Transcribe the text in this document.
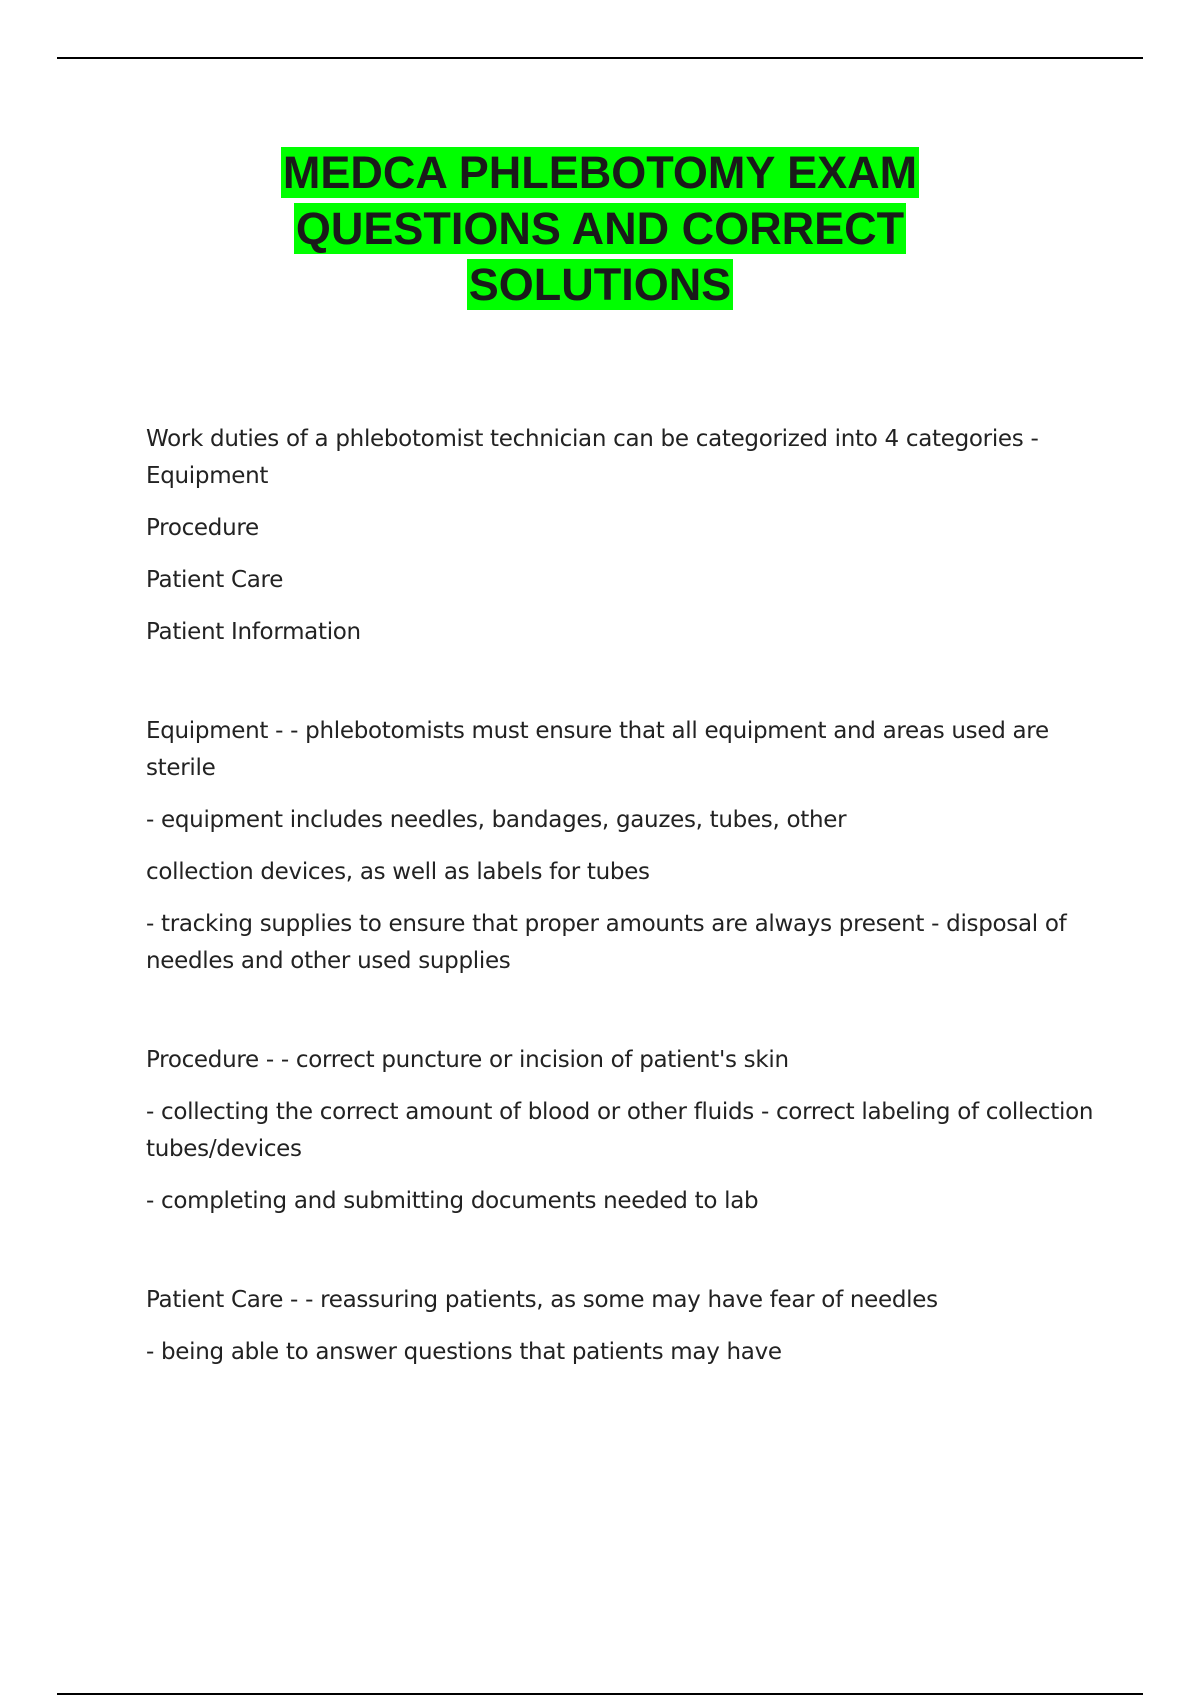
MEDCA PHLEBOTOMY EXAM
QUESTIONS AND CORRECT
SOLUTIONS

Work duties of a phlebotomist technician can be categorized into 4 categories - Equipment

Procedure

Patient Care

Patient Information

Equipment - - phlebotomists must ensure that all equipment and areas used are sterile

- equipment includes needles, bandages, gauzes, tubes, other

collection devices, as well as labels for tubes

- tracking supplies to ensure that proper amounts are always present - disposal of needles and other used supplies

Procedure - - correct puncture or incision of patient's skin

- collecting the correct amount of blood or other fluids - correct labeling of collection tubes/devices

- completing and submitting documents needed to lab

Patient Care - - reassuring patients, as some may have fear of needles

- being able to answer questions that patients may have
